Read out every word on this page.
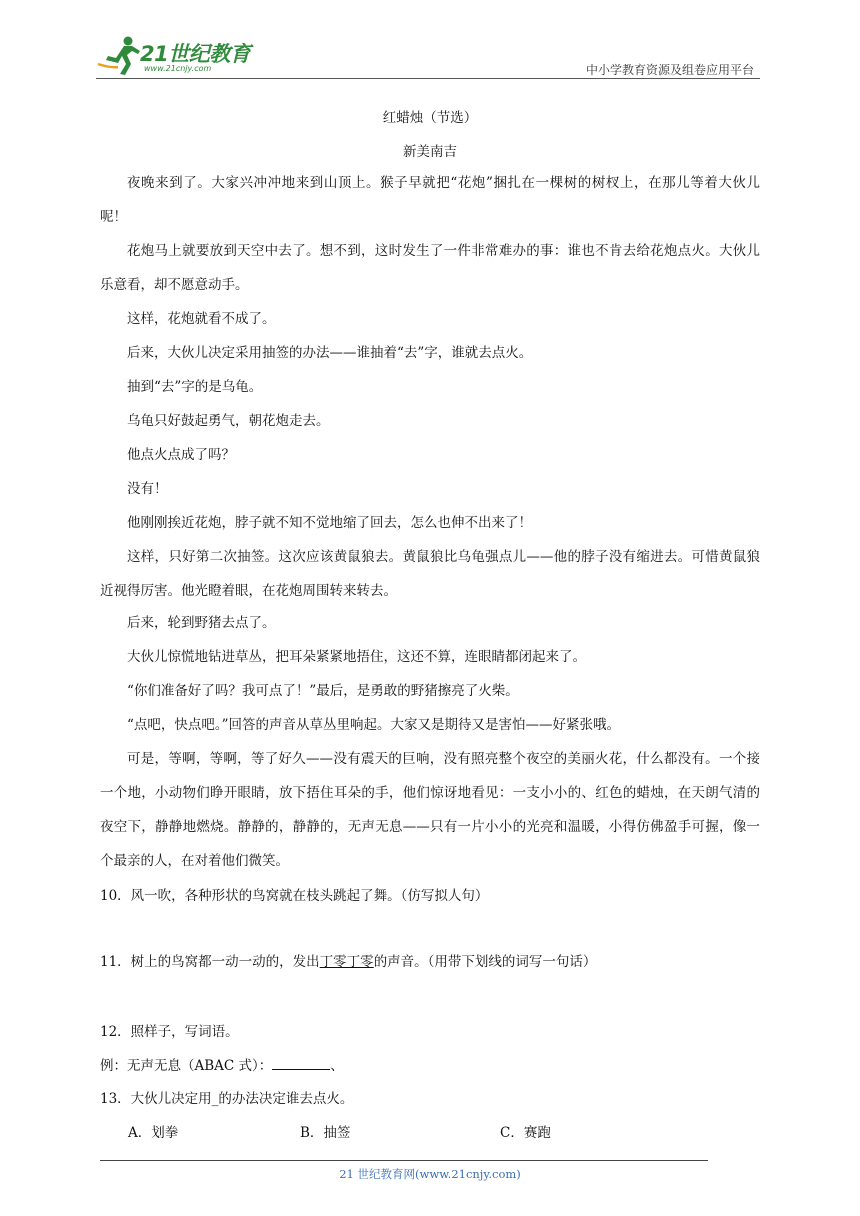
21世纪教育
www.21cnjy.com	中小学教育资源及组卷应用平台
红蜡烛（节选）
新美南吉

夜晚来到了。大家兴冲冲地来到山顶上。猴子早就把“花炮”捆扎在一棵树的树杈上，在那儿等着大伙儿呢！

花炮马上就要放到天空中去了。想不到，这时发生了一件非常难办的事：谁也不肯去给花炮点火。大伙儿乐意看，却不愿意动手。

这样，花炮就看不成了。

后来，大伙儿决定采用抽签的办法——谁抽着“去”字，谁就去点火。

抽到“去”字的是乌龟。

乌龟只好鼓起勇气，朝花炮走去。

他点火点成了吗？

没有！

他刚刚挨近花炮，脖子就不知不觉地缩了回去，怎么也伸不出来了！

这样，只好第二次抽签。这次应该黄鼠狼去。黄鼠狼比乌龟强点儿——他的脖子没有缩进去。可惜黄鼠狼近视得厉害。他光瞪着眼，在花炮周围转来转去。

后来，轮到野猪去点了。

大伙儿惊慌地钻进草丛，把耳朵紧紧地捂住，这还不算，连眼睛都闭起来了。

“你们准备好了吗？我可点了！”最后，是勇敢的野猪擦亮了火柴。

“点吧，快点吧。”回答的声音从草丛里响起。大家又是期待又是害怕——好紧张哦。

可是，等啊，等啊，等了好久——没有震天的巨响，没有照亮整个夜空的美丽火花，什么都没有。一个接一个地，小动物们睁开眼睛，放下捂住耳朵的手，他们惊讶地看见：一支小小的、红色的蜡烛，在天朗气清的夜空下，静静地燃烧。静静的，静静的，无声无息——只有一片小小的光亮和温暖，小得仿佛盈手可握，像一个最亲的人，在对着他们微笑。

10．风一吹，各种形状的鸟窝就在枝头跳起了舞。（仿写拟人句）
11．树上的鸟窝都一动一动的，发出丁零丁零的声音。（用带下划线的词写一句话）
12．照样子，写词语。
例：无声无息（ABAC 式）：	、
13．大伙儿决定用_的办法决定谁去点火。
A．划拳	B．抽签	C．赛跑
21 世纪教育网(www.21cnjy.com)
